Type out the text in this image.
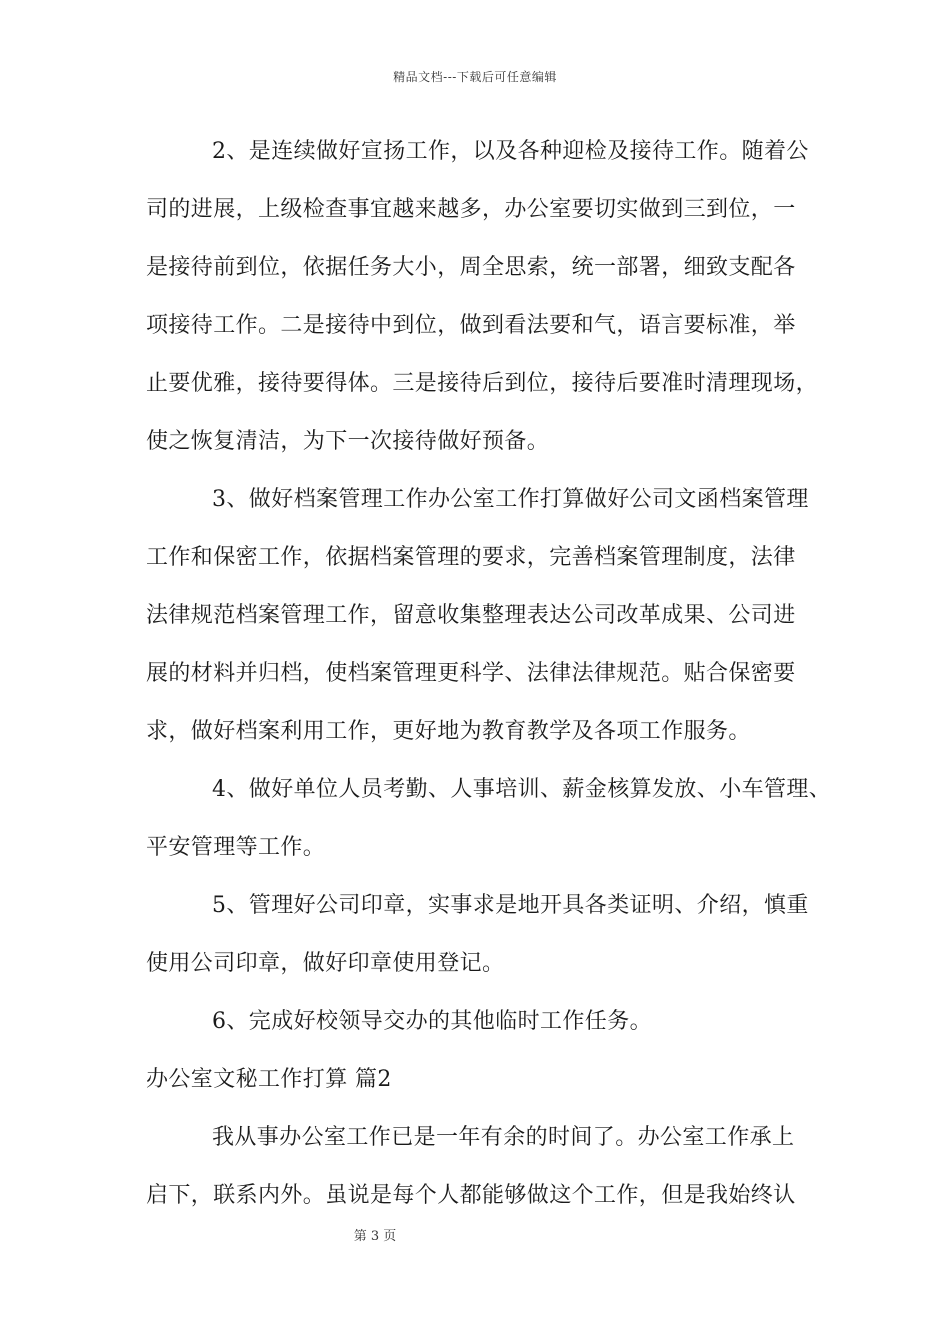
精品文档---下载后可任意编辑
2、是连续做好宣扬工作，以及各种迎检及接待工作。随着公
司的进展，上级检查事宜越来越多，办公室要切实做到三到位，一
是接待前到位，依据任务大小，周全思索，统一部署，细致支配各
项接待工作。二是接待中到位，做到看法要和气，语言要标准，举
止要优雅，接待要得体。三是接待后到位，接待后要准时清理现场，
使之恢复清洁，为下一次接待做好预备。
3、做好档案管理工作办公室工作打算做好公司文函档案管理
工作和保密工作，依据档案管理的要求，完善档案管理制度，法律
法律规范档案管理工作，留意收集整理表达公司改革成果、公司进
展的材料并归档，使档案管理更科学、法律法律规范。贴合保密要
求，做好档案利用工作，更好地为教育教学及各项工作服务。
4、做好单位人员考勤、人事培训、薪金核算发放、小车管理、
平安管理等工作。
5、管理好公司印章，实事求是地开具各类证明、介绍，慎重
使用公司印章，做好印章使用登记。
6、完成好校领导交办的其他临时工作任务。
办公室文秘工作打算 篇2
我从事办公室工作已是一年有余的时间了。办公室工作承上
启下，联系内外。虽说是每个人都能够做这个工作，但是我始终认
第 3 页
